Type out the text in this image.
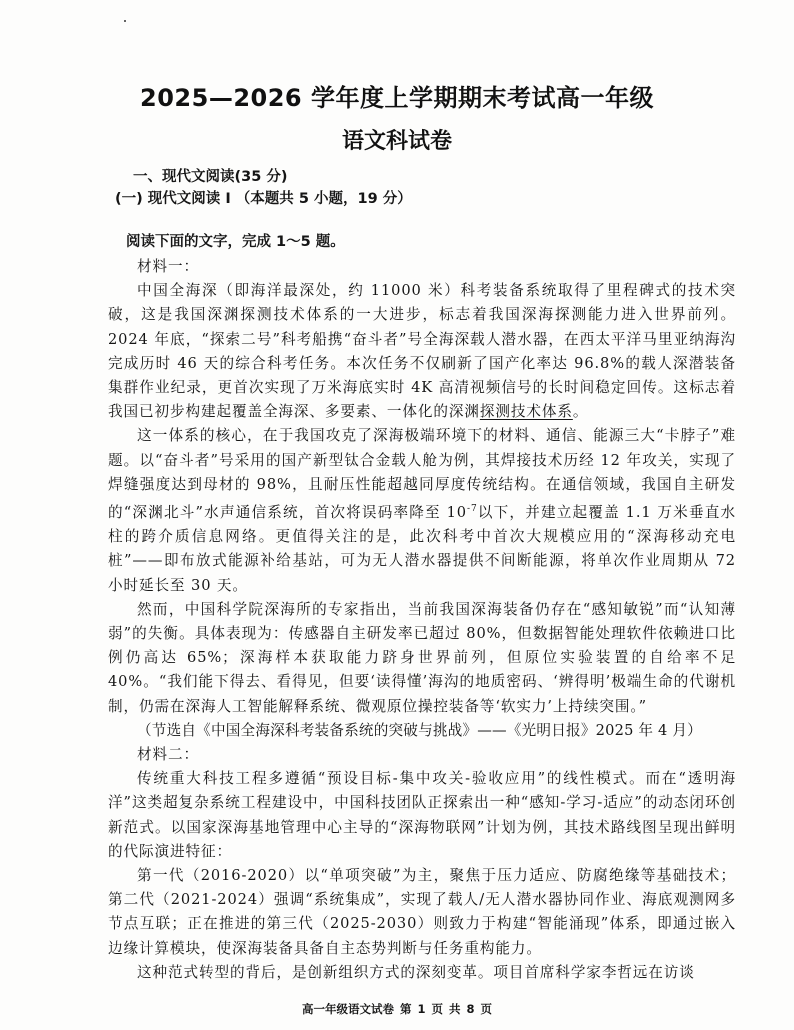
2025—2026 学年度上学期期末考试高一年级
语文科试卷
一、现代文阅读(35 分)
(一) 现代文阅读 I （本题共 5 小题，19 分）
阅读下面的文字，完成 1～5 题。

材料一：

中国全海深（即海洋最深处，约 11000 米）科考装备系统取得了里程碑式的技术突破，这是我国深渊探测技术体系的一大进步，标志着我国深海探测能力进入世界前列。2024 年底，“探索二号”科考船携“奋斗者”号全海深载人潜水器，在西太平洋马里亚纳海沟完成历时 46 天的综合科考任务。本次任务不仅刷新了国产化率达 96.8%的载人深潜装备集群作业纪录，更首次实现了万米海底实时 4K 高清视频信号的长时间稳定回传。这标志着我国已初步构建起覆盖全海深、多要素、一体化的深渊探测技术体系。

这一体系的核心，在于我国攻克了深海极端环境下的材料、通信、能源三大“卡脖子”难题。以“奋斗者”号采用的国产新型钛合金载人舱为例，其焊接技术历经 12 年攻关，实现了焊缝强度达到母材的 98%，且耐压性能超越同厚度传统结构。在通信领域，我国自主研发的“深渊北斗”水声通信系统，首次将误码率降至 $10^{-7}$以下，并建立起覆盖 1.1 万米垂直水柱的跨介质信息网络。更值得关注的是，此次科考中首次大规模应用的“深海移动充电桩”——即布放式能源补给基站，可为无人潜水器提供不间断能源，将单次作业周期从 72 小时延长至 30 天。

然而，中国科学院深海所的专家指出，当前我国深海装备仍存在“感知敏锐”而“认知薄弱”的失衡。具体表现为：传感器自主研发率已超过 80%，但数据智能处理软件依赖进口比例仍高达 65%；深海样本获取能力跻身世界前列，但原位实验装置的自给率不足 40%。“我们能下得去、看得见，但要‘读得懂’海沟的地质密码、‘辨得明’极端生命的代谢机制，仍需在深海人工智能解释系统、微观原位操控装备等‘软实力’上持续突围。”

（节选自《中国全海深科考装备系统的突破与挑战》——《光明日报》2025 年 4 月）

材料二：

传统重大科技工程多遵循“预设目标-集中攻关-验收应用”的线性模式。而在“透明海洋”这类超复杂系统工程建设中，中国科技团队正探索出一种“感知-学习-适应”的动态闭环创新范式。以国家深海基地管理中心主导的“深海物联网”计划为例，其技术路线图呈现出鲜明的代际演进特征：

第一代（2016-2020）以“单项突破”为主，聚焦于压力适应、防腐绝缘等基础技术；第二代（2021-2024）强调“系统集成”，实现了载人/无人潜水器协同作业、海底观测网多节点互联；正在推进的第三代（2025-2030）则致力于构建“智能涌现”体系，即通过嵌入边缘计算模块，使深海装备具备自主态势判断与任务重构能力。

这种范式转型的背后，是创新组织方式的深刻变革。项目首席科学家李哲远在访谈

高一年级语文试卷 第 1 页 共 8 页
